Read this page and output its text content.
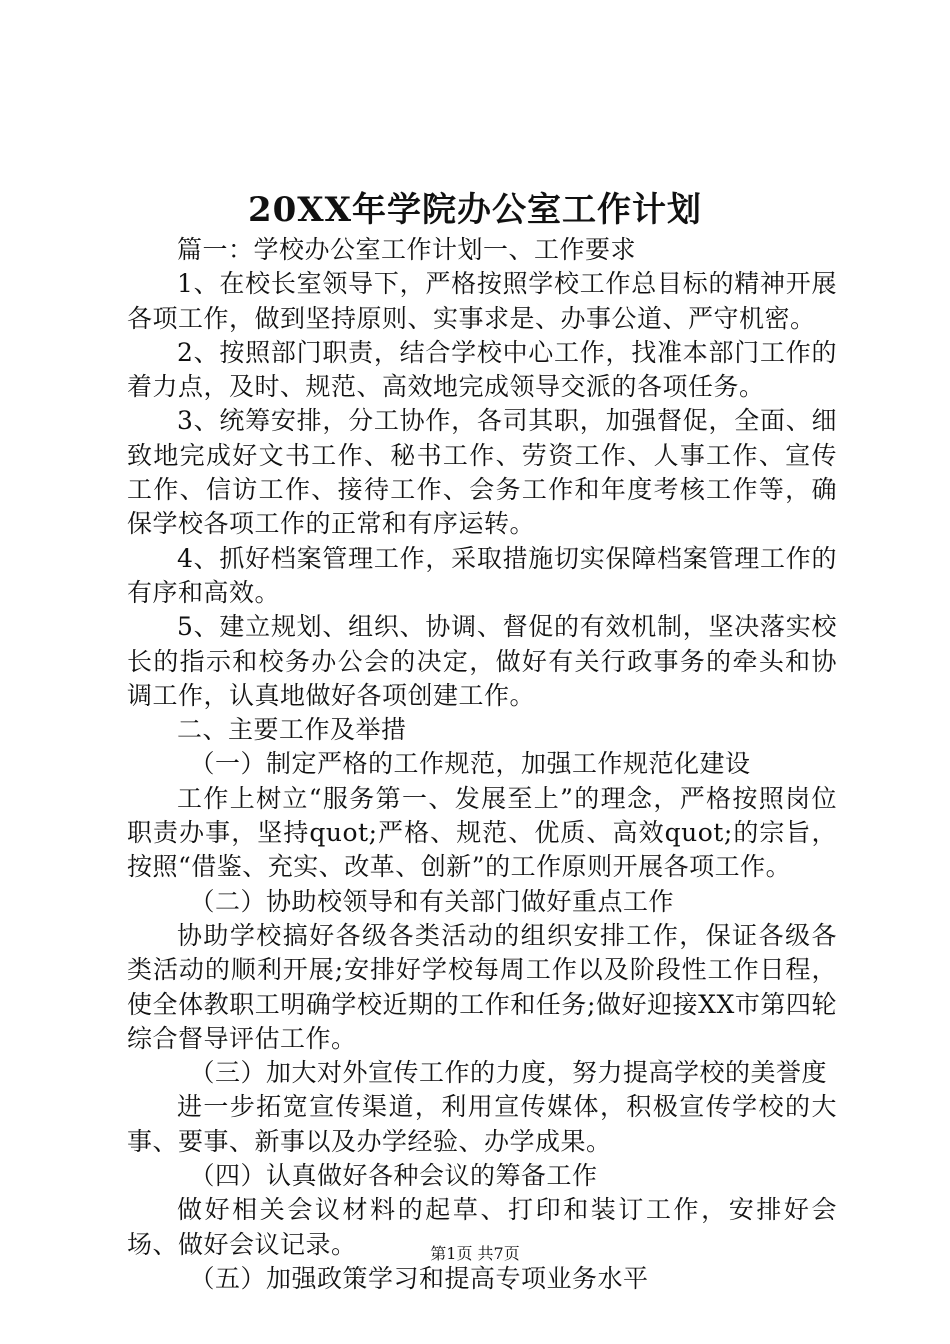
20XX年学院办公室工作计划

篇一：学校办公室工作计划一、工作要求

1、在校长室领导下，严格按照学校工作总目标的精神开展各项工作，做到坚持原则、实事求是、办事公道、严守机密。

2、按照部门职责，结合学校中心工作，找准本部门工作的着力点，及时、规范、高效地完成领导交派的各项任务。

3、统筹安排，分工协作，各司其职，加强督促，全面、细致地完成好文书工作、秘书工作、劳资工作、人事工作、宣传工作、信访工作、接待工作、会务工作和年度考核工作等，确保学校各项工作的正常和有序运转。

4、抓好档案管理工作，采取措施切实保障档案管理工作的有序和高效。

5、建立规划、组织、协调、督促的有效机制，坚决落实校长的指示和校务办公会的决定，做好有关行政事务的牵头和协调工作，认真地做好各项创建工作。

二、主要工作及举措

（一）制定严格的工作规范，加强工作规范化建设

工作上树立“服务第一、发展至上”的理念，严格按照岗位职责办事，坚持quot;严格、规范、优质、高效quot;的宗旨，按照“借鉴、充实、改革、创新”的工作原则开展各项工作。

（二）协助校领导和有关部门做好重点工作

协助学校搞好各级各类活动的组织安排工作，保证各级各类活动的顺利开展;安排好学校每周工作以及阶段性工作日程，使全体教职工明确学校近期的工作和任务;做好迎接XX市第四轮综合督导评估工作。

（三）加大对外宣传工作的力度，努力提高学校的美誉度

进一步拓宽宣传渠道，利用宣传媒体，积极宣传学校的大事、要事、新事以及办学经验、办学成果。

（四）认真做好各种会议的筹备工作

做好相关会议材料的起草、打印和装订工作，安排好会场、做好会议记录。

（五）加强政策学习和提高专项业务水平

第1页 共7页
